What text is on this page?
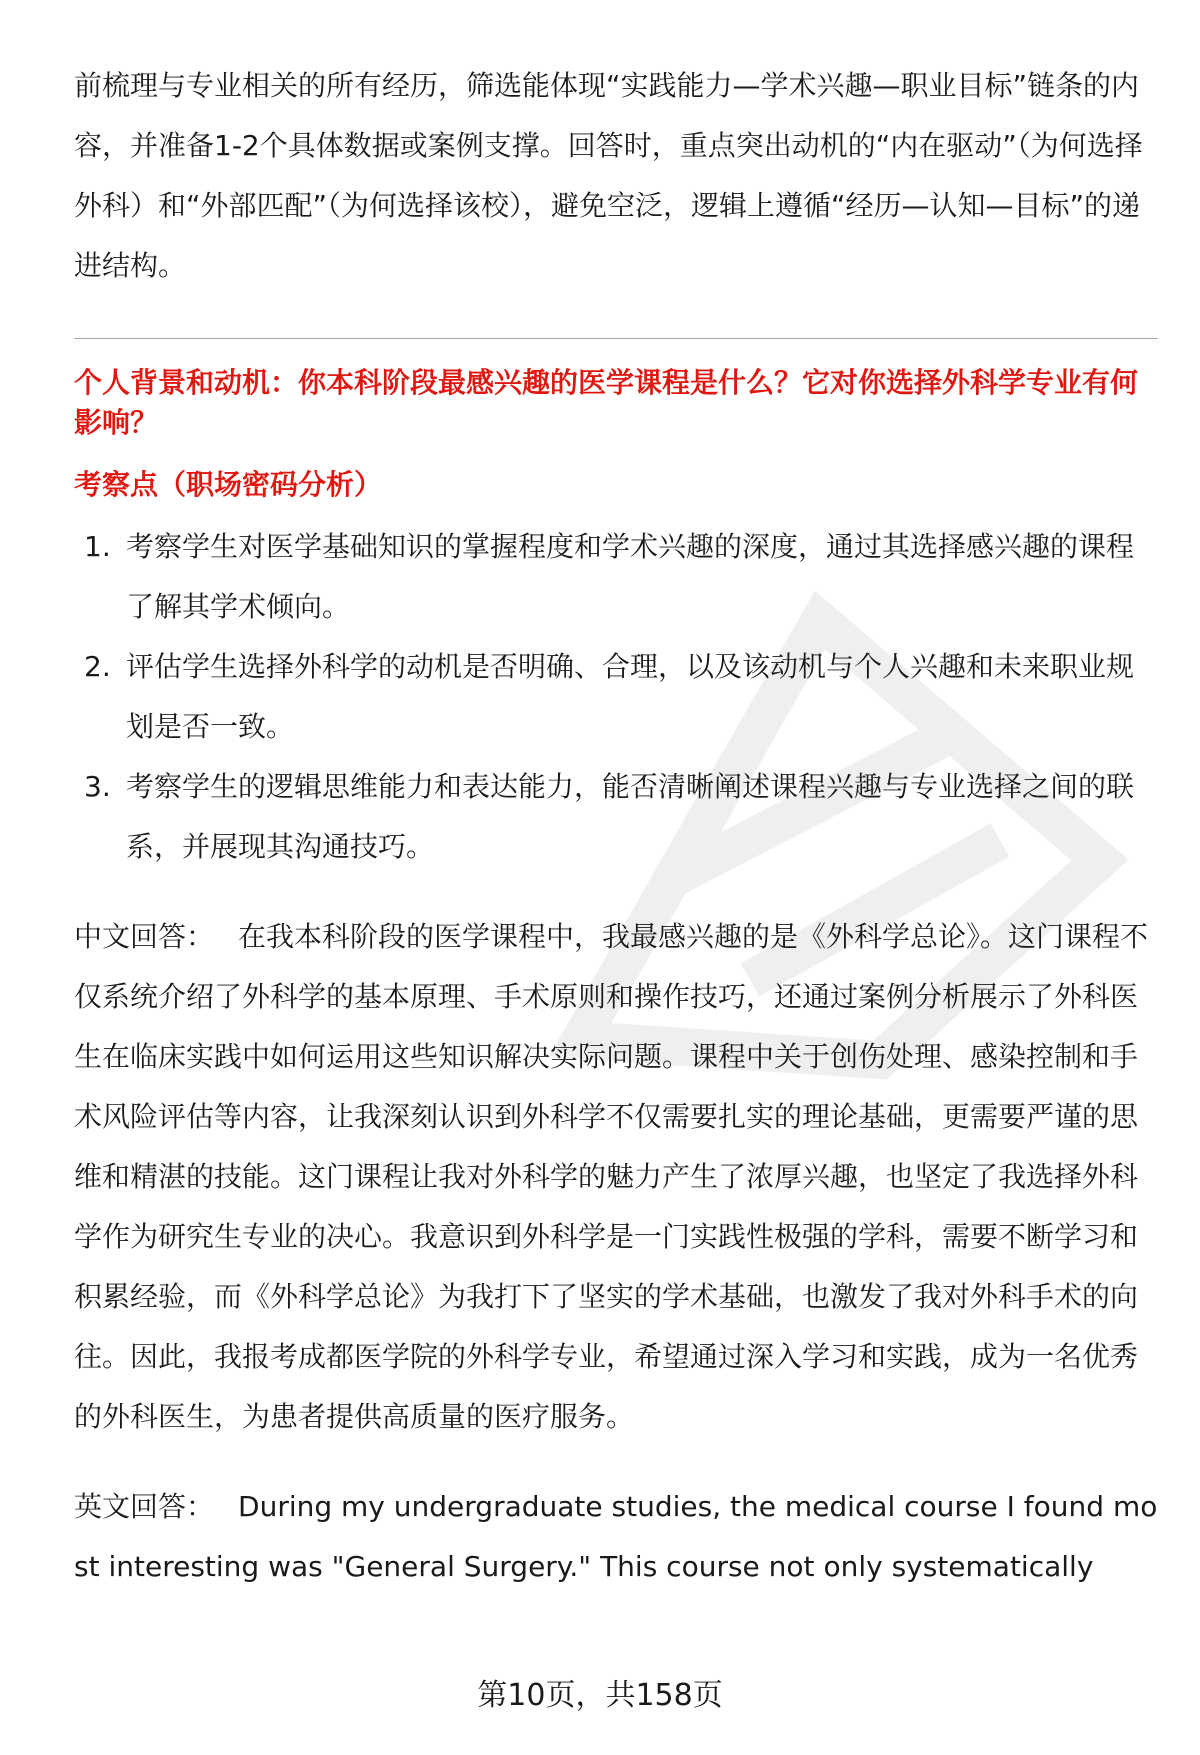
前梳理与专业相关的所有经历，筛选能体现“实践能力—学术兴趣—职业目标”链条的内容，并准备1-2个具体数据或案例支撑。回答时，重点突出动机的“内在驱动”（为何选择外科）和“外部匹配”（为何选择该校），避免空泛，逻辑上遵循“经历—认知—目标”的递进结构。

个人背景和动机：你本科阶段最感兴趣的医学课程是什么？它对你选择外科学专业有何影响？

考察点（职场密码分析）

1. 考察学生对医学基础知识的掌握程度和学术兴趣的深度，通过其选择感兴趣的课程了解其学术倾向。
2. 评估学生选择外科学的动机是否明确、合理，以及该动机与个人兴趣和未来职业规划是否一致。
3. 考察学生的逻辑思维能力和表达能力，能否清晰阐述课程兴趣与专业选择之间的联系，并展现其沟通技巧。

中文回答： 在我本科阶段的医学课程中，我最感兴趣的是《外科学总论》。这门课程不仅系统介绍了外科学的基本原理、手术原则和操作技巧，还通过案例分析展示了外科医生在临床实践中如何运用这些知识解决实际问题。课程中关于创伤处理、感染控制和手术风险评估等内容，让我深刻认识到外科学不仅需要扎实的理论基础，更需要严谨的思维和精湛的技能。这门课程让我对外科学的魅力产生了浓厚兴趣，也坚定了我选择外科学作为研究生专业的决心。我意识到外科学是一门实践性极强的学科，需要不断学习和积累经验，而《外科学总论》为我打下了坚实的学术基础，也激发了我对外科手术的向往。因此，我报考成都医学院的外科学专业，希望通过深入学习和实践，成为一名优秀的外科医生，为患者提供高质量的医疗服务。

英文回答： During my undergraduate studies, the medical course I found most interesting was "General Surgery." This course not only systematically

第10页，共158页
